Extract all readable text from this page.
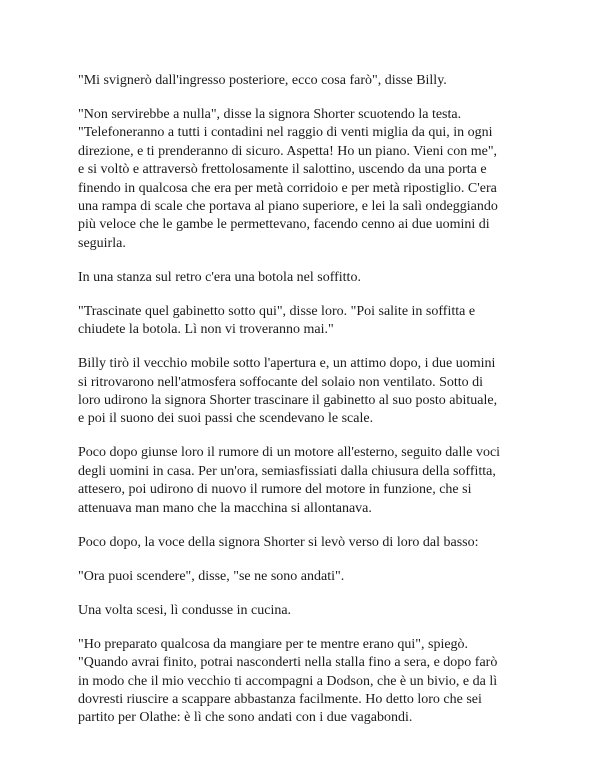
"Mi svignerò dall'ingresso posteriore, ecco cosa farò", disse Billy.

"Non servirebbe a nulla", disse la signora Shorter scuotendo la testa.
"Telefoneranno a tutti i contadini nel raggio di venti miglia da qui, in ogni
direzione, e ti prenderanno di sicuro. Aspetta! Ho un piano. Vieni con me",
e si voltò e attraversò frettolosamente il salottino, uscendo da una porta e
finendo in qualcosa che era per metà corridoio e per metà ripostiglio. C'era
una rampa di scale che portava al piano superiore, e lei la salì ondeggiando
più veloce che le gambe le permettevano, facendo cenno ai due uomini di
seguirla.

In una stanza sul retro c'era una botola nel soffitto.

"Trascinate quel gabinetto sotto qui", disse loro. "Poi salite in soffitta e
chiudete la botola. Lì non vi troveranno mai."

Billy tirò il vecchio mobile sotto l'apertura e, un attimo dopo, i due uomini
si ritrovarono nell'atmosfera soffocante del solaio non ventilato. Sotto di
loro udirono la signora Shorter trascinare il gabinetto al suo posto abituale,
e poi il suono dei suoi passi che scendevano le scale.

Poco dopo giunse loro il rumore di un motore all'esterno, seguito dalle voci
degli uomini in casa. Per un'ora, semiasfissiati dalla chiusura della soffitta,
attesero, poi udirono di nuovo il rumore del motore in funzione, che si
attenuava man mano che la macchina si allontanava.

Poco dopo, la voce della signora Shorter si levò verso di loro dal basso:

"Ora puoi scendere", disse, "se ne sono andati".

Una volta scesi, lì condusse in cucina.

"Ho preparato qualcosa da mangiare per te mentre erano qui", spiegò.
"Quando avrai finito, potrai nasconderti nella stalla fino a sera, e dopo farò
in modo che il mio vecchio ti accompagni a Dodson, che è un bivio, e da lì
dovresti riuscire a scappare abbastanza facilmente. Ho detto loro che sei
partito per Olathe: è lì che sono andati con i due vagabondi.
